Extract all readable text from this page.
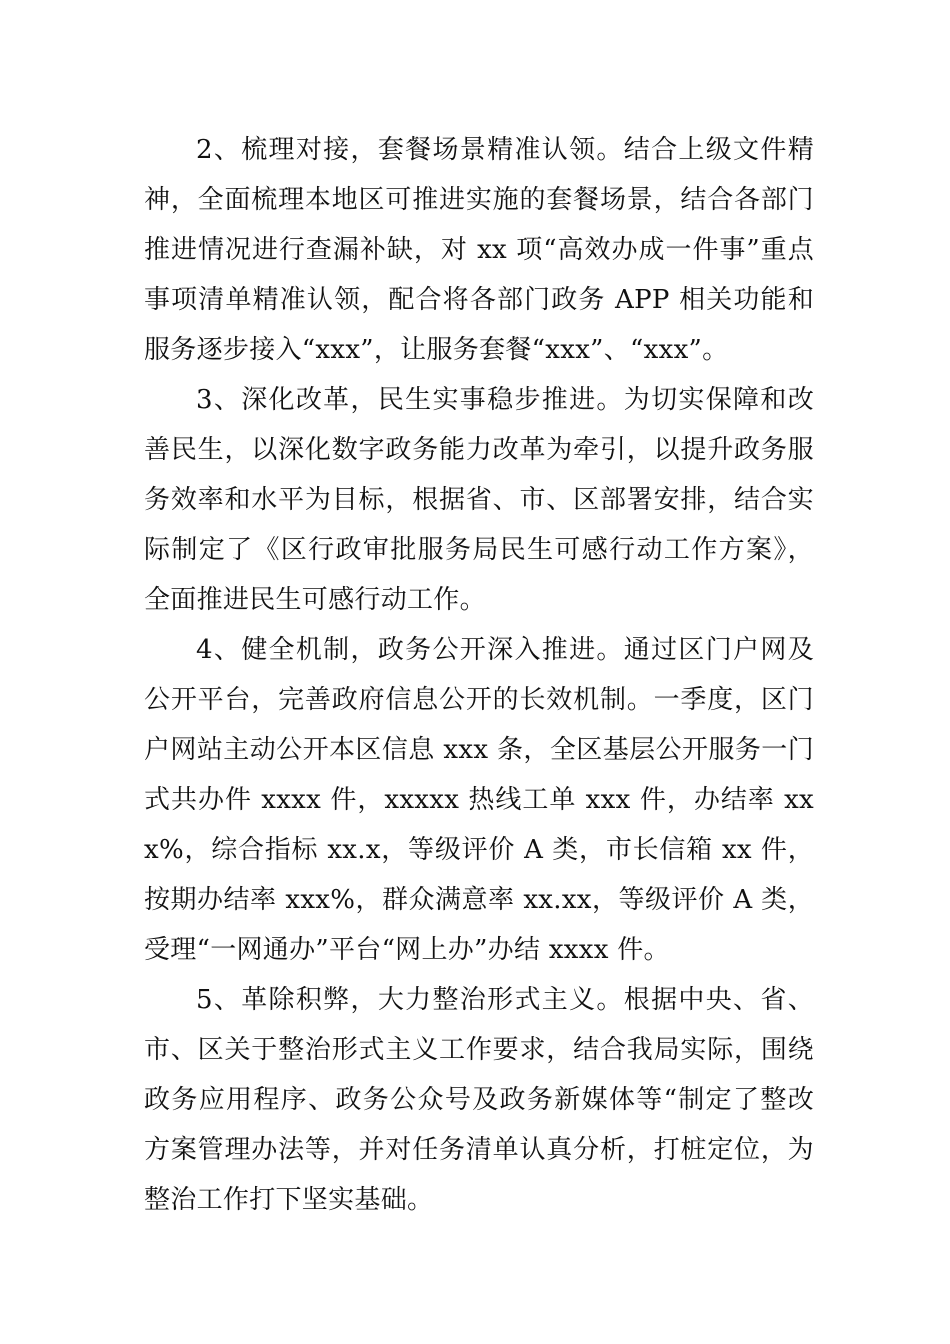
2、梳理对接，套餐场景精准认领。结合上级文件精神，全面梳理本地区可推进实施的套餐场景，结合各部门推进情况进行查漏补缺，对 xx 项“高效办成一件事”重点事项清单精准认领，配合将各部门政务 APP 相关功能和服务逐步接入“xxx”，让服务套餐“xxx”、“xxx”。

3、深化改革，民生实事稳步推进。为切实保障和改善民生，以深化数字政务能力改革为牵引，以提升政务服务效率和水平为目标，根据省、市、区部署安排，结合实际制定了《区行政审批服务局民生可感行动工作方案》，全面推进民生可感行动工作。

4、健全机制，政务公开深入推进。通过区门户网及公开平台，完善政府信息公开的长效机制。一季度，区门户网站主动公开本区信息 xxx 条，全区基层公开服务一门式共办件 xxxx 件，xxxxx 热线工单 xxx 件，办结率 xxx%，综合指标 xx.x，等级评价 A 类，市长信箱 xx 件，按期办结率 xxx%，群众满意率 xx.xx，等级评价 A 类，受理“一网通办”平台“网上办”办结 xxxx 件。

5、革除积弊，大力整治形式主义。根据中央、省、市、区关于整治形式主义工作要求，结合我局实际，围绕政务应用程序、政务公众号及政务新媒体等“制定了整改方案管理办法等，并对任务清单认真分析，打桩定位，为整治工作打下坚实基础。
